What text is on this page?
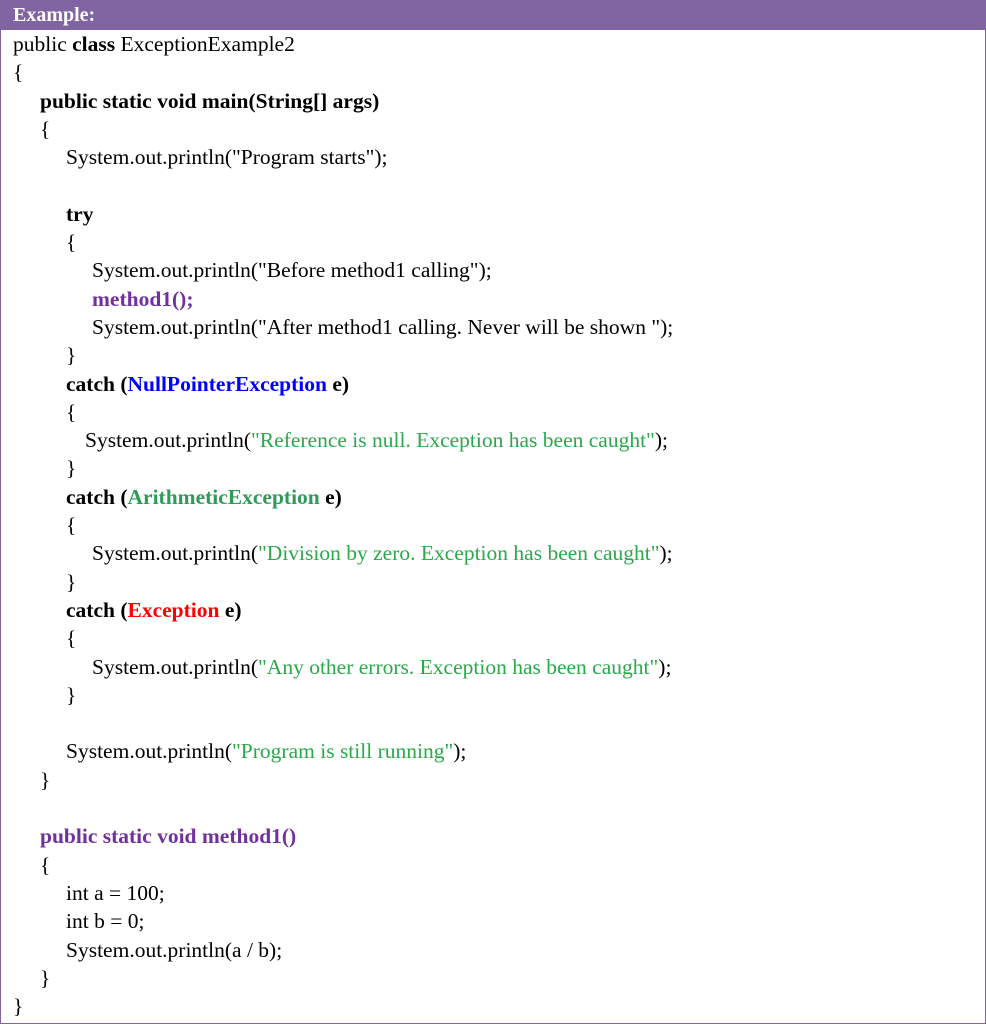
Example:
public class ExceptionExample2
{
public static void main(String[] args)
{
System.out.println("Program starts");
try
{
System.out.println("Before method1 calling");
method1();
System.out.println("After method1 calling. Never will be shown ");
}
catch (NullPointerException e)
{
System.out.println("Reference is null. Exception has been caught");
}
catch (ArithmeticException e)
{
System.out.println("Division by zero. Exception has been caught");
}
catch (Exception e)
{
System.out.println("Any other errors. Exception has been caught");
}
System.out.println("Program is still running");
}
public static void method1()
{
int a = 100;
int b = 0;
System.out.println(a / b);
}
}
